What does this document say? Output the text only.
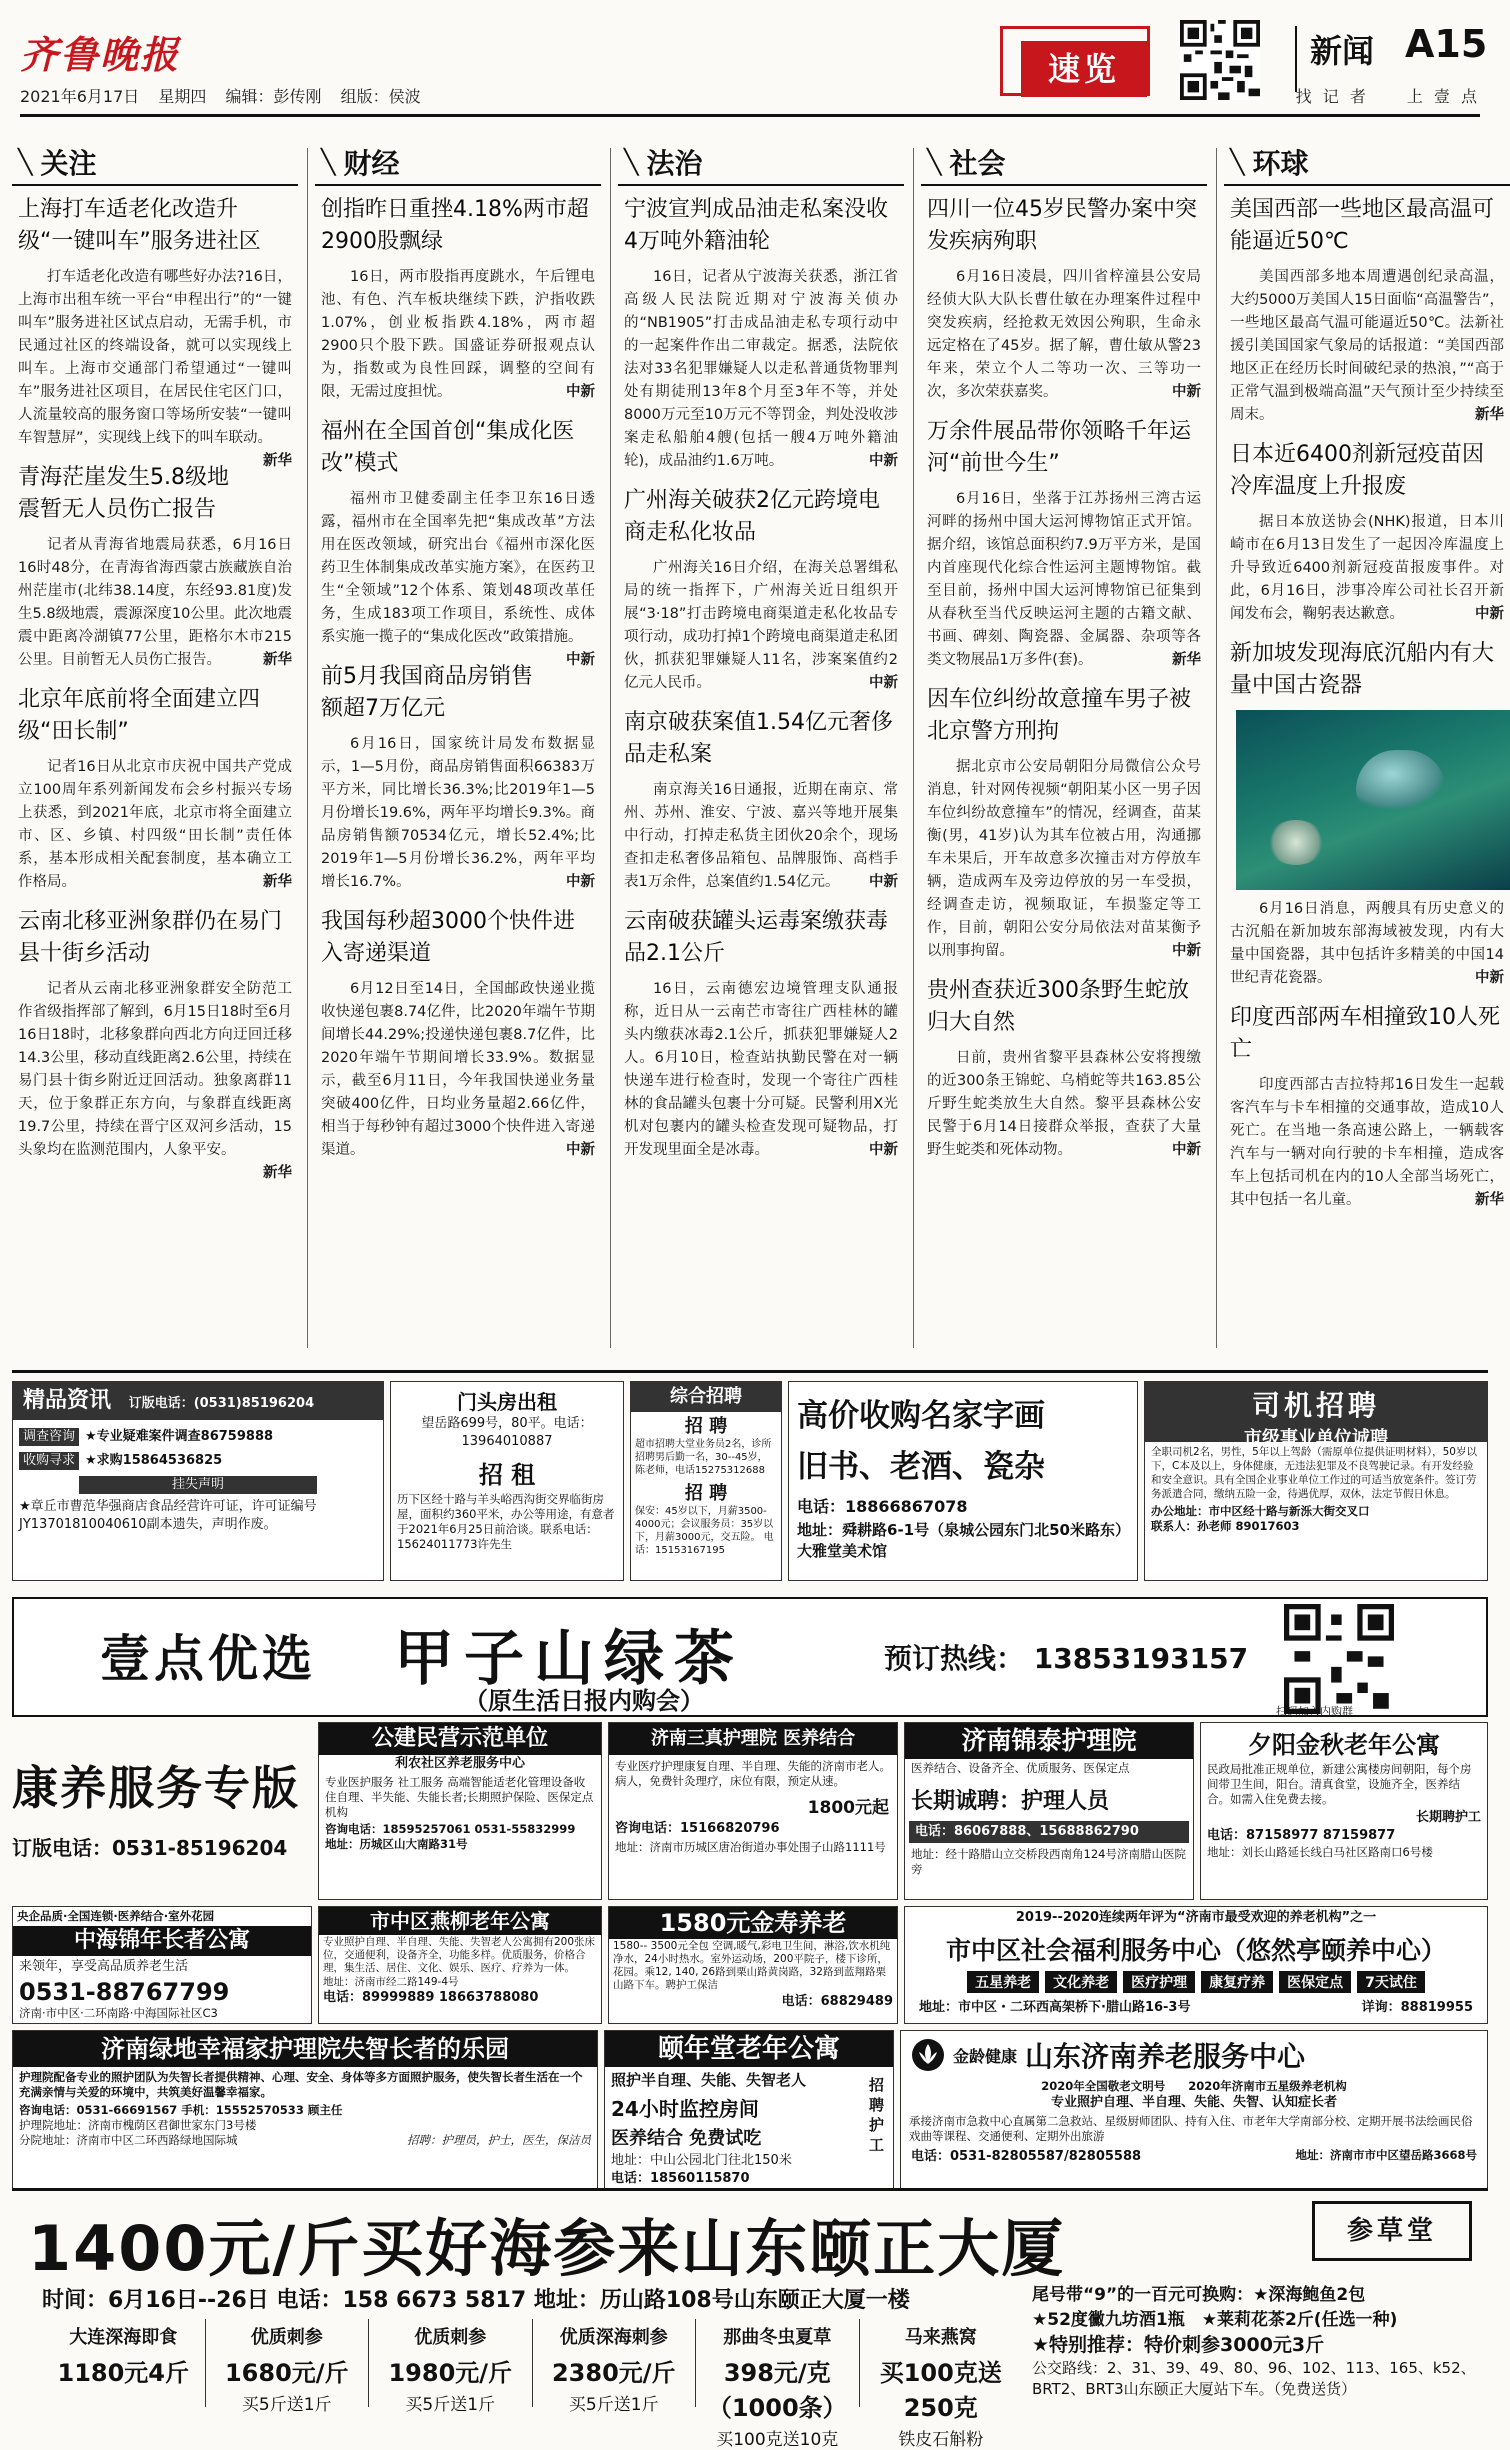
齐鲁晚报
2021年6月17日 星期四 编辑：彭传刚 组版：侯波
速览	新闻 A15
找 记 者　　上 壹 点
╲ 关注
上海打车适老化改造升级“一键叫车”服务进社区

打车适老化改造有哪些好办法?16日，上海市出租车统一平台“申程出行”的“一键叫车”服务进社区试点启动，无需手机，市民通过社区的终端设备，就可以实现线上叫车。上海市交通部门希望通过“一键叫车”服务进社区项目，在居民住宅区门口，人流量较高的服务窗口等场所安装“一键叫车智慧屏”，实现线上线下的叫车联动。
新华

青海茫崖发生5.8级地震暂无人员伤亡报告

记者从青海省地震局获悉，6月16日16时48分，在青海省海西蒙古族藏族自治州茫崖市(北纬38.14度，东经93.81度)发生5.8级地震，震源深度10公里。此次地震震中距离冷湖镇77公里，距格尔木市215公里。目前暂无人员伤亡报告。	新华

北京年底前将全面建立四级“田长制”

记者16日从北京市庆祝中国共产党成立100周年系列新闻发布会乡村振兴专场上获悉，到2021年底，北京市将全面建立市、区、乡镇、村四级“田长制”责任体系，基本形成相关配套制度，基本确立工作格局。	新华

云南北移亚洲象群仍在易门县十街乡活动

记者从云南北移亚洲象群安全防范工作省级指挥部了解到，6月15日18时至6月16日18时，北移象群向西北方向迂回迁移14.3公里，移动直线距离2.6公里，持续在易门县十街乡附近迂回活动。独象离群11天，位于象群正东方向，与象群直线距离19.7公里，持续在晋宁区双河乡活动，15头象均在监测范围内，人象平安。
新华

╲ 财经
创指昨日重挫4.18%两市超2900股飘绿

16日，两市股指再度跳水，午后锂电池、有色、汽车板块继续下跌，沪指收跌1.07%，创业板指跌4.18%，两市超2900只个股下跌。国盛证券研报观点认为，指数或为良性回踩，调整的空间有限，无需过度担忧。	中新

福州在全国首创“集成化医改”模式

福州市卫健委副主任李卫东16日透露，福州市在全国率先把“集成改革”方法用在医改领域，研究出台《福州市深化医药卫生体制集成改革实施方案》，在医药卫生“全领域”12个体系、策划48项改革任务，生成183项工作项目，系统性、成体系实施一揽子的“集成化医改”政策措施。
中新

前5月我国商品房销售额超7万亿元

6月16日，国家统计局发布数据显示，1—5月份，商品房销售面积66383万平方米，同比增长36.3%;比2019年1—5月份增长19.6%，两年平均增长9.3%。商品房销售额70534亿元，增长52.4%;比2019年1—5月份增长36.2%，两年平均增长16.7%。	中新

我国每秒超3000个快件进入寄递渠道

6月12日至14日，全国邮政快递业揽收快递包裹8.74亿件，比2020年端午节期间增长44.29%;投递快递包裹8.7亿件，比2020年端午节期间增长33.9%。数据显示，截至6月11日，今年我国快递业务量突破400亿件，日均业务量超2.66亿件，相当于每秒钟有超过3000个快件进入寄递渠道。	中新

╲ 法治
宁波宣判成品油走私案没收4万吨外籍油轮

16日，记者从宁波海关获悉，浙江省高级人民法院近期对宁波海关侦办的“NB1905”打击成品油走私专项行动中的一起案件作出二审裁定。据悉，法院依法对33名犯罪嫌疑人以走私普通货物罪判处有期徒刑13年8个月至3年不等，并处8000万元至10万元不等罚金，判处没收涉案走私船舶4艘(包括一艘4万吨外籍油轮)，成品油约1.6万吨。	中新

广州海关破获2亿元跨境电商走私化妆品

广州海关16日介绍，在海关总署缉私局的统一指挥下，广州海关近日组织开展“3·18”打击跨境电商渠道走私化妆品专项行动，成功打掉1个跨境电商渠道走私团伙，抓获犯罪嫌疑人11名，涉案案值约2亿元人民币。	中新

南京破获案值1.54亿元奢侈品走私案

南京海关16日通报，近期在南京、常州、苏州、淮安、宁波、嘉兴等地开展集中行动，打掉走私货主团伙20余个，现场查扣走私奢侈品箱包、品牌服饰、高档手表1万余件，总案值约1.54亿元。	中新

云南破获罐头运毒案缴获毒品2.1公斤

16日，云南德宏边境管理支队通报称，近日从一云南芒市寄往广西桂林的罐头内缴获冰毒2.1公斤，抓获犯罪嫌疑人2人。6月10日，检查站执勤民警在对一辆快递车进行检查时，发现一个寄往广西桂林的食品罐头包裹十分可疑。民警利用X光机对包裹内的罐头检查发现可疑物品，打开发现里面全是冰毒。	中新

╲ 社会
四川一位45岁民警办案中突发疾病殉职

6月16日凌晨，四川省梓潼县公安局经侦大队大队长曹仕敏在办理案件过程中突发疾病，经抢救无效因公殉职，生命永远定格在了45岁。据了解，曹仕敏从警23年来，荣立个人二等功一次、三等功一次，多次荣获嘉奖。	中新

万余件展品带你领略千年运河“前世今生”

6月16日，坐落于江苏扬州三湾古运河畔的扬州中国大运河博物馆正式开馆。据介绍，该馆总面积约7.9万平方米，是国内首座现代化综合性运河主题博物馆。截至目前，扬州中国大运河博物馆已征集到从春秋至当代反映运河主题的古籍文献、书画、碑刻、陶瓷器、金属器、杂项等各类文物展品1万多件(套)。	新华

因车位纠纷故意撞车男子被北京警方刑拘

据北京市公安局朝阳分局微信公众号消息，针对网传视频“朝阳某小区一男子因车位纠纷故意撞车”的情况，经调查，苗某衡(男，41岁)认为其车位被占用，沟通挪车未果后，开车故意多次撞击对方停放车辆，造成两车及旁边停放的另一车受损，经调查走访，视频取证，车损鉴定等工作，目前，朝阳公安分局依法对苗某衡予以刑事拘留。	中新

贵州查获近300条野生蛇放归大自然

日前，贵州省黎平县森林公安将搜缴的近300条王锦蛇、乌梢蛇等共163.85公斤野生蛇类放生大自然。黎平县森林公安民警于6月14日接群众举报，查获了大量野生蛇类和死体动物。	中新

╲ 环球
美国西部一些地区最高温可能逼近50℃

美国西部多地本周遭遇创纪录高温，大约5000万美国人15日面临“高温警告”，一些地区最高气温可能逼近50℃。法新社援引美国国家气象局的话报道：“美国西部地区正在经历长时间破纪录的热浪，”“高于正常气温到极端高温”天气预计至少持续至周末。	新华

日本近6400剂新冠疫苗因冷库温度上升报废

据日本放送协会(NHK)报道，日本川崎市在6月13日发生了一起因冷库温度上升导致近6400剂新冠疫苗报废事件。对此，6月16日，涉事冷库公司社长召开新闻发布会，鞠躬表达歉意。	中新

新加坡发现海底沉船内有大量中国古瓷器

6月16日消息，两艘具有历史意义的古沉船在新加坡东部海域被发现，内有大量中国瓷器，其中包括许多精美的中国14世纪青花瓷器。	中新

印度西部两车相撞致10人死亡

印度西部古吉拉特邦16日发生一起载客汽车与卡车相撞的交通事故，造成10人死亡。在当地一条高速公路上，一辆载客汽车与一辆对向行驶的卡车相撞，造成客车上包括司机在内的10人全部当场死亡，其中包括一名儿童。	新华

精品资讯 订版电话：(0531)85196204
调查咨询 ★专业疑难案件调查86759888
收购寻求 ★求购15864536825
挂失声明
★章丘市曹范华强商店食品经营许可证，许可证编号JY13701810040610副本遗失，声明作废。
门头房出租
望岳路699号，80平。电话：13964010887
招 租
历下区经十路与羊头峪西沟街交界临街房屋，面积约360平米，办公等用途，有意者于2021年6月25日前洽谈。联系电话：15624011773许先生
综合招聘
招 聘
超市招聘大堂业务员2名，诊所招聘男后勤一名，30--45岁，陈老师，电话15275312688
招 聘
保安：45岁以下，月薪3500-4000元；会议服务员：35岁以下，月薪3000元，交五险。 电话：15153167195
高价收购名家字画
旧书、老酒、瓷杂
电话：18866867078
地址：舜耕路6-1号（泉城公园东门北50米路东）大雅堂美术馆
司机招聘
市级事业单位诚聘
全职司机2名，男性，5年以上驾龄（需原单位提供证明材料），50岁以下，C本及以上，身体健康，无违法犯罪及不良驾驶记录。有开发经验和安全意识。具有全国企业事业单位工作过的可适当放宽条件。签订劳务派遣合同，缴纳五险一金，待遇优厚，双休，法定节假日休息。
办公地址：市中区经十路与新泺大街交叉口
联系人：孙老师 89017603
壹点优选 甲子山绿茶
（原生活日报内购会）
预订热线： 13853193157
扫码加入内购群
康养服务专版
订版电话：0531-85196204
公建民营示范单位
利农社区养老服务中心
专业医护服务 社工服务 高端智能适老化管理设备收住自理、半失能、失能长者;长期照护保险、医保定点机构
咨询电话：18595257061 0531-55832999
地址：历城区山大南路31号
济南三真护理院 医养结合
专业医疗护理康复自理、半自理、失能的济南市老人。病人，免费针灸理疗，床位有限，预定从速。
1800元起
咨询电话：15166820796
地址：济南市历城区唐冶街道办事处围子山路1111号
济南锦泰护理院
医养结合、设备齐全、优质服务、医保定点
长期诚聘：护理人员
电话：86067888、15688862790
地址：经十路腊山立交桥段西南角124号济南腊山医院旁
夕阳金秋老年公寓
民政局批准正规单位，新建公寓楼房间朝阳，每个房间带卫生间，阳台。清真食堂，设施齐全，医养结合。如需入住免费去接。
长期聘护工
电话：87158977 87159877
地址：刘长山路延长线白马社区路南口6号楼
央企品质·全国连锁·医养结合·室外花园
中海锦年长者公寓
来领年，享受高品质养老生活
0531-88767799
济南·市中区·二环南路·中海国际社区C3
市中区燕柳老年公寓
专业照护自理、半自理、失能、失智老人公寓拥有200张床位，交通便利，设备齐全，功能多样。优质服务，价格合理，集生活、居住、文化、娱乐、医疗、疗养为一体。
地址：济南市经二路149-4号
电话：89999889 18663788080
1580元金寿养老
1580-- 3500元全包 空调,暖气,彩电卫生间，淋浴,饮水机纯净水，24小时热水。室外运动场，200平院子，楼下诊所，花园。乘12, 140, 26路到栗山路黄岗路，32路到蓝翔路栗山路下车。聘护工保洁
电话：68829489
2019--2020连续两年评为“济南市最受欢迎的养老机构”之一
市中区社会福利服务中心（悠然亭颐养中心）
五星养老	文化养老	医疗护理	康复疗养	医保定点	7天试住
地址：市中区・二环西高架桥下·腊山路16-3号	详询：88819955
济南绿地幸福家护理院失智长者的乐园
护理院配备专业的照护团队为失智长者提供精神、心理、安全、身体等多方面照护服务，使失智长者生活在一个充满亲情与关爱的环境中，共筑美好温馨幸福家。
咨询电话：0531-66691567 手机：15552570533 顾主任
护理院地址：济南市槐荫区君御世家东门3号楼
分院地址：济南市中区二环西路绿地国际城	招聘：护理员，护士，医生，保洁员
颐年堂老年公寓
照护半自理、失能、失智老人
24小时监控房间
医养结合 免费试吃
地址：中山公园北门往北150米
电话：18560115870
招聘护工
金龄健康 山东济南养老服务中心
2020年全国敬老文明号　　2020年济南市五星级养老机构
专业照护自理、半自理、失能、失智、认知症长者
承接济南市急救中心直属第二急救站、星级厨师团队、持有入住、市老年大学南部分校、定期开展书法绘画民俗戏曲等课程、交通便利、定期外出旅游
电话：0531-82805587/82805588	地址：济南市市中区望岳路3668号
1400元/斤买好海参来山东颐正大厦	参草堂
时间：6月16日--26日 电话：158 6673 5817 地址：历山路108号山东颐正大厦一楼
大连深海即食
1180元4斤
优质刺参
1680元/斤
买5斤送1斤
优质刺参
1980元/斤
买5斤送1斤
优质深海刺参
2380元/斤
买5斤送1斤
那曲冬虫夏草
398元/克（1000条）
买100克送10克
马来燕窝
买100克送250克
铁皮石斛粉
尾号带“9”的一百元可换购：★深海鲍鱼2包
★52度黴九坊酒1瓶　★莱莉花茶2斤(任选一种)
★特别推荐：特价刺参3000元3斤
公交路线：2、31、39、49、80、96、102、113、165、k52、BRT2、BRT3山东颐正大厦站下车。（免费送货）
